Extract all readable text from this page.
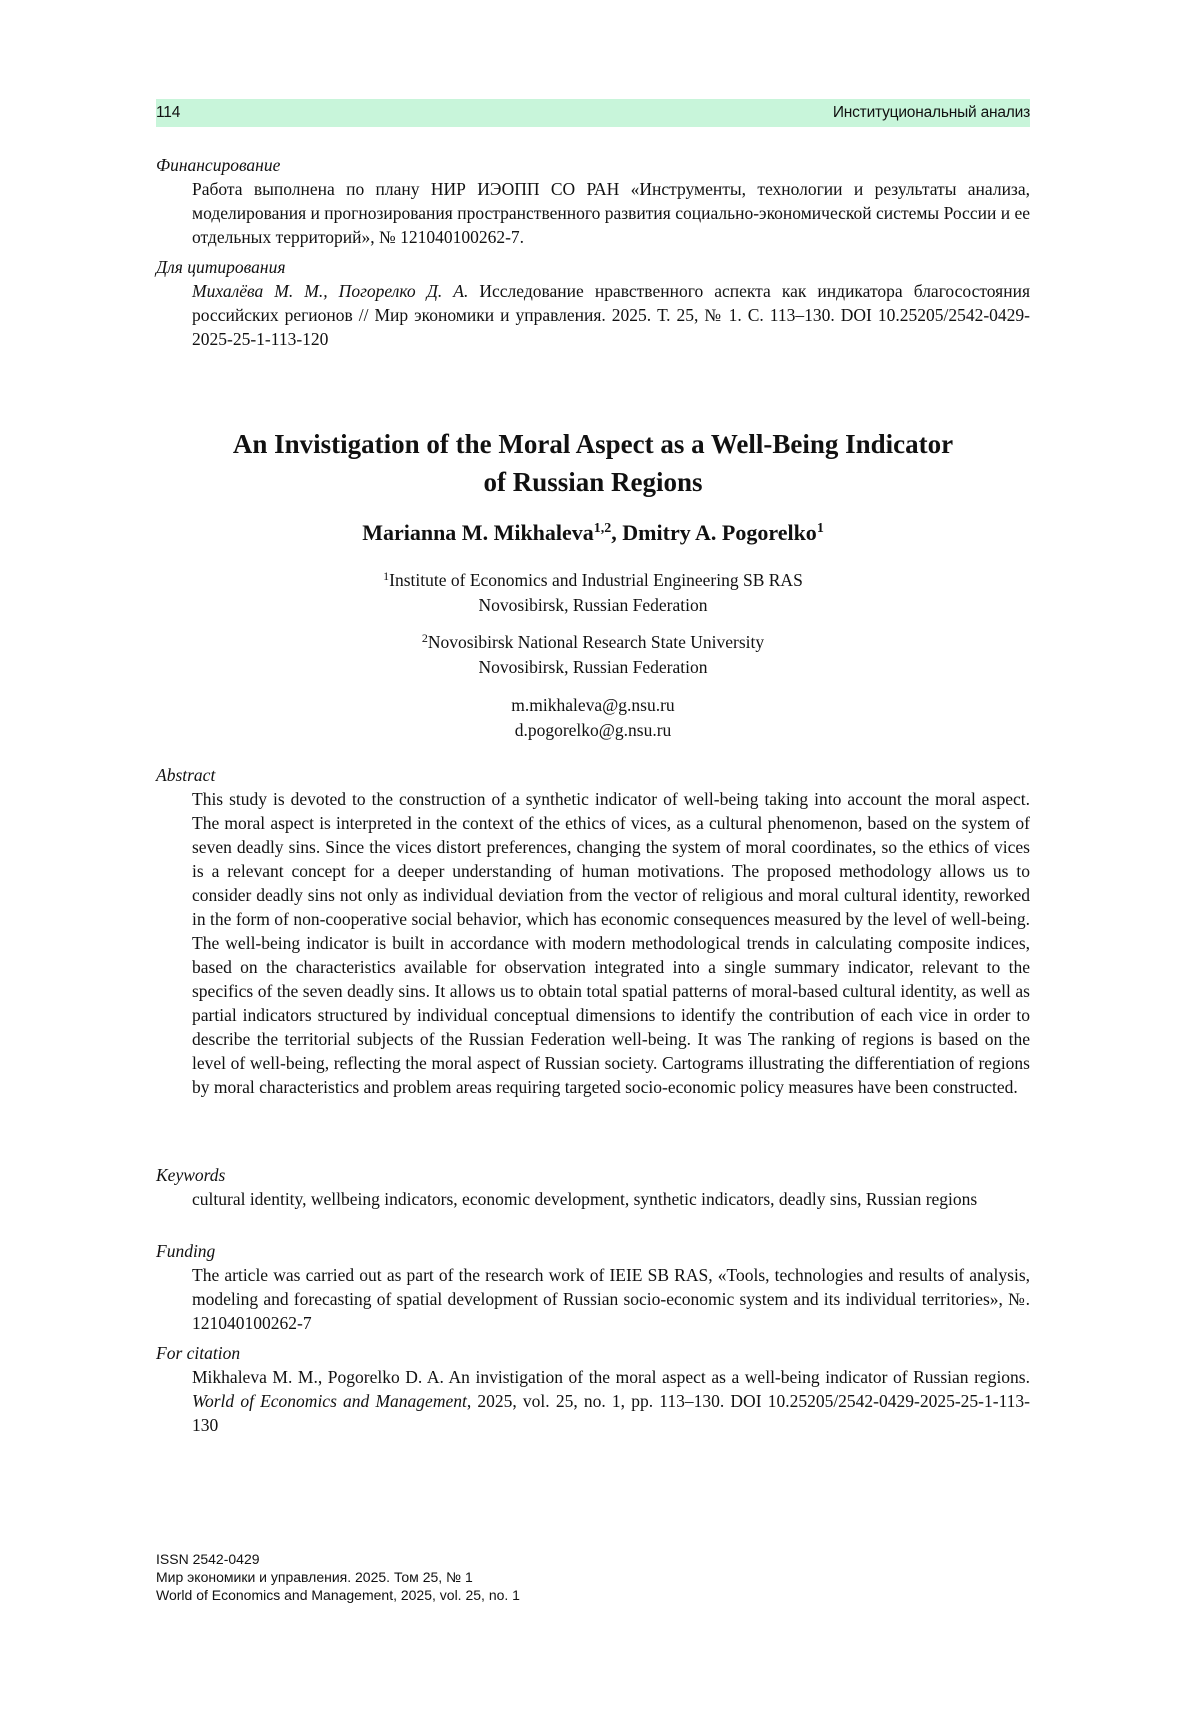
114	Институциональный анализ
Финансирование
Работа выполнена по плану НИР ИЭОПП СО РАН «Инструменты, технологии и результаты анализа, моделирования и прогнозирования пространственного развития социально-экономической системы России и ее отдельных территорий», № 121040100262-7.
Для цитирования
Михалёва М. М., Погорелко Д. А. Исследование нравственного аспекта как индикатора благосостояния российских регионов // Мир экономики и управления. 2025. Т. 25, № 1. С. 113–130. DOI 10.25205/2542-0429-2025-25-1-113-120
An Invistigation of the Moral Aspect as a Well-Being Indicator
of Russian Regions
Marianna M. Mikhaleva$^{1,2}$, Dmitry A. Pogorelko$^1$
$^1$Institute of Economics and Industrial Engineering SB RAS
Novosibirsk, Russian Federation
$^2$Novosibirsk National Research State University
Novosibirsk, Russian Federation
m.mikhaleva@g.nsu.ru
d.pogorelko@g.nsu.ru
Abstract
This study is devoted to the construction of a synthetic indicator of well-being taking into account the moral aspect. The moral aspect is interpreted in the context of the ethics of vices, as a cultural phenomenon, based on the system of seven deadly sins. Since the vices distort preferences, changing the system of moral coordinates, so the ethics of vices is a relevant concept for a deeper understanding of human motivations. The proposed methodology allows us to consider deadly sins not only as individual deviation from the vector of religious and moral cultural identity, reworked in the form of non-cooperative social behavior, which has economic consequences measured by the level of well-being. The well-being indicator is built in accordance with modern methodological trends in calculating composite indices, based on the characteristics available for observation integrated into a single summary indicator, relevant to the specifics of the seven deadly sins. It allows us to obtain total spatial patterns of moral-based cultural identity, as well as partial indicators structured by individual conceptual dimensions to identify the contribution of each vice in order to describe the territorial subjects of the Russian Federation well-being. It was The ranking of regions is based on the level of well-being, reflecting the moral aspect of Russian society. Cartograms illustrating the differentiation of regions by moral characteristics and problem areas requiring targeted socio-economic policy measures have been constructed.
Keywords
cultural identity, wellbeing indicators, economic development, synthetic indicators, deadly sins, Russian regions
Funding
The article was carried out as part of the research work of IEIE SB RAS, «Tools, technologies and results of analysis, modeling and forecasting of spatial development of Russian socio-economic system and its individual territories», №. 121040100262-7
For citation
Mikhaleva M. M., Pogorelko D. A. An invistigation of the moral aspect as a well-being indicator of Russian regions. World of Economics and Management, 2025, vol. 25, no. 1, pp. 113–130. DOI 10.25205/2542-0429-2025-25-1-113-130
ISSN 2542-0429
Мир экономики и управления. 2025. Том 25, № 1
World of Economics and Management, 2025, vol. 25, no. 1
